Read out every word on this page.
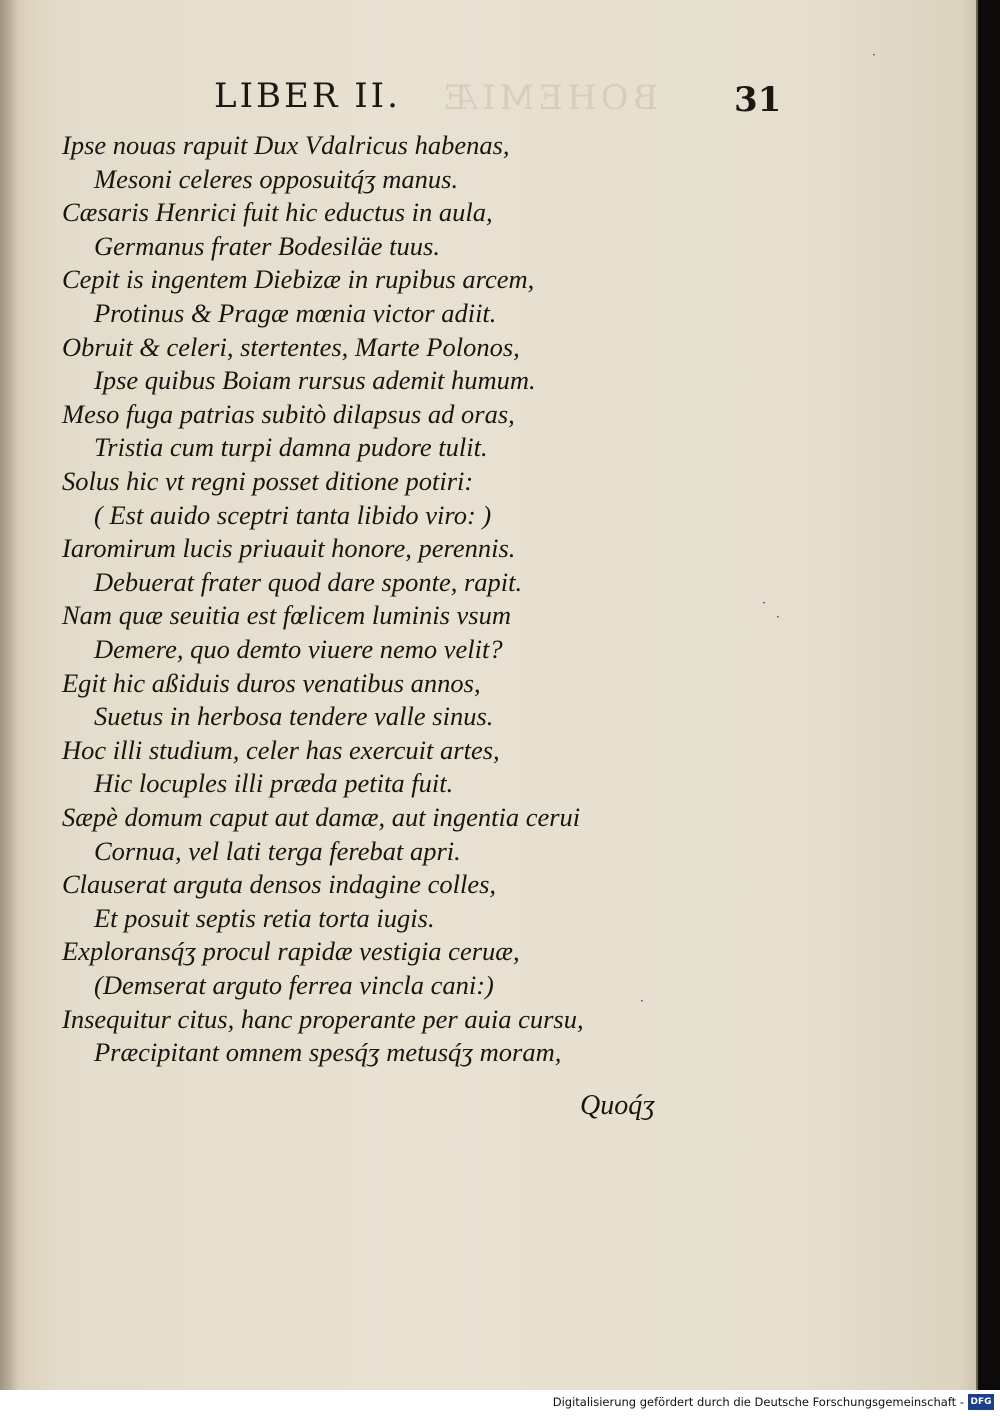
BOHEMIÆ
LIBER II.	31
Ipse nouas rapuit Dux Vdalricus habenas,
Mesoni celeres opposuitq́ʒ manus.
Cæsaris Henrici fuit hic eductus in aula,
Germanus frater Bodesiläe tuus.
Cepit is ingentem Diebizæ in rupibus arcem,
Protinus & Pragæ mœnia victor adiit.
Obruit & celeri, stertentes, Marte Polonos,
Ipse quibus Boiam rursus ademit humum.
Meso fuga patrias subitò dilapsus ad oras,
Tristia cum turpi damna pudore tulit.
Solus hic vt regni posset ditione potiri:
( Est auido sceptri tanta libido viro: )
Iaromirum lucis priuauit honore, perennis.
Debuerat frater quod dare sponte, rapit.
Nam quæ seuitia est fœlicem luminis vsum
Demere, quo demto viuere nemo velit?
Egit hic aßiduis duros venatibus annos,
Suetus in herbosa tendere valle sinus.
Hoc illi studium, celer has exercuit artes,
Hic locuples illi præda petita fuit.
Sæpè domum caput aut damæ, aut ingentia cerui
Cornua, vel lati terga ferebat apri.
Clauserat arguta densos indagine colles,
Et posuit septis retia torta iugis.
Exploransq́ʒ procul rapidæ vestigia ceruæ,
(Demserat arguto ferrea vincla cani:)
Insequitur citus, hanc properante per auia cursu,
Præcipitant omnem spesq́ʒ metusq́ʒ moram,
Quoq́ʒ
·
·
·
·
Digitalisierung gefördert durch die Deutsche Forschungsgemeinschaft - DFG
